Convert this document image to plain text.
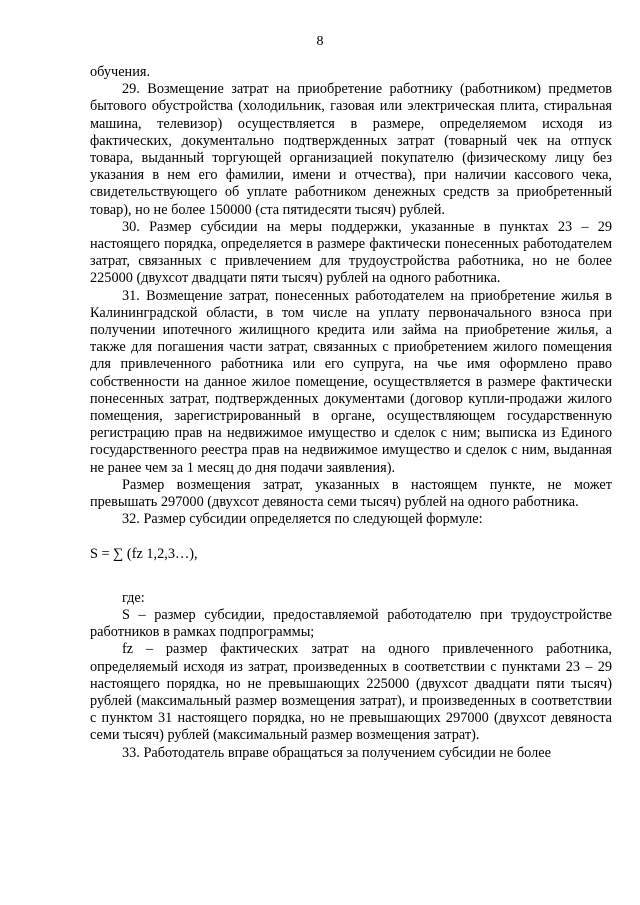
8

обучения.

29. Возмещение затрат на приобретение работнику (работником) предметов бытового обустройства (холодильник, газовая или электрическая плита, стиральная машина, телевизор) осуществляется в размере, определяемом исходя из фактических, документально подтвержденных затрат (товарный чек на отпуск товара, выданный торгующей организацией покупателю (физическому лицу без указания в нем его фамилии, имени и отчества), при наличии кассового чека, свидетельствующего об уплате работником денежных средств за приобретенный товар), но не более 150000 (ста пятидесяти тысяч) рублей.

30. Размер субсидии на меры поддержки, указанные в пунктах 23 – 29 настоящего порядка, определяется в размере фактически понесенных работодателем затрат, связанных с привлечением для трудоустройства работника, но не более 225000 (двухсот двадцати пяти тысяч) рублей на одного работника.

31. Возмещение затрат, понесенных работодателем на приобретение жилья в Калининградской области, в том числе на уплату первоначального взноса при получении ипотечного жилищного кредита или займа на приобретение жилья, а также для погашения части затрат, связанных с приобретением жилого помещения для привлеченного работника или его супруга, на чье имя оформлено право собственности на данное жилое помещение, осуществляется в размере фактически понесенных затрат, подтвержденных документами (договор купли-продажи жилого помещения, зарегистрированный в органе, осуществляющем государственную регистрацию прав на недвижимое имущество и сделок с ним; выписка из Единого государственного реестра прав на недвижимое имущество и сделок с ним, выданная не ранее чем за 1 месяц до дня подачи заявления).

Размер возмещения затрат, указанных в настоящем пункте, не может превышать 297000 (двухсот девяноста семи тысяч) рублей на одного работника.

32. Размер субсидии определяется по следующей формуле:

S = ∑ (fz 1,2,3…),

где:

S – размер субсидии, предоставляемой работодателю при трудоустройстве работников в рамках подпрограммы;

fz – размер фактических затрат на одного привлеченного работника, определяемый исходя из затрат, произведенных в соответствии с пунктами 23 – 29 настоящего порядка, но не превышающих 225000 (двухсот двадцати пяти тысяч) рублей (максимальный размер возмещения затрат), и произведенных в соответствии с пунктом 31 настоящего порядка, но не превышающих 297000 (двухсот девяноста семи тысяч) рублей (максимальный размер возмещения затрат).

33. Работодатель вправе обращаться за получением субсидии не более
